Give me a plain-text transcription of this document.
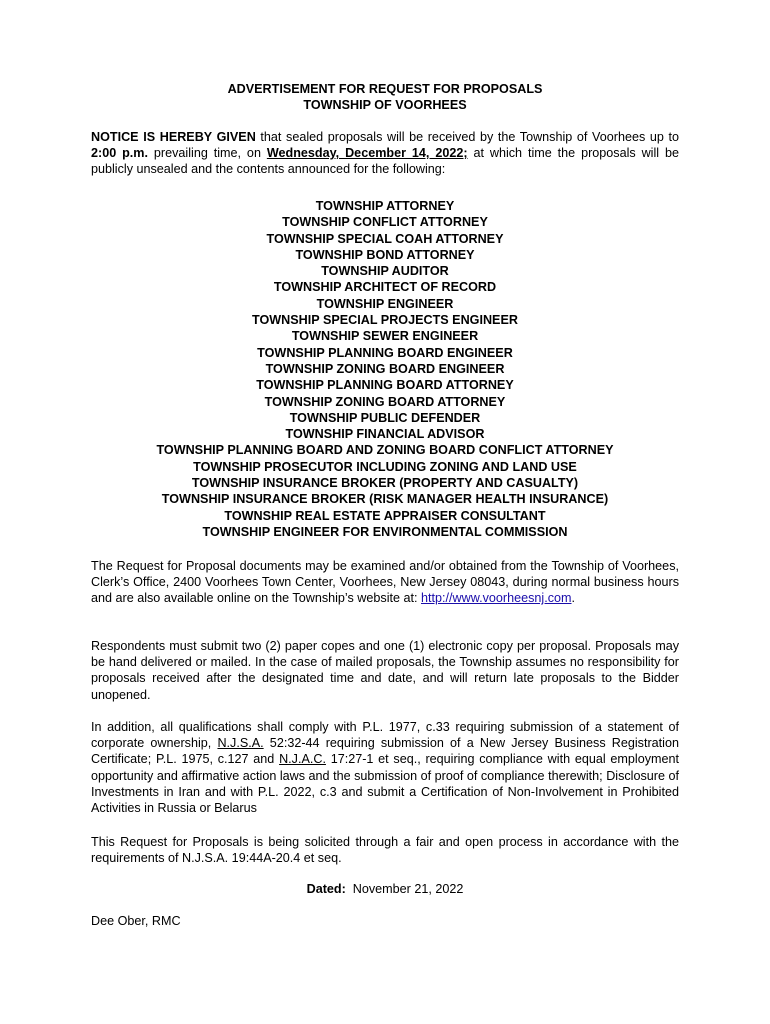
ADVERTISEMENT FOR REQUEST FOR PROPOSALS
TOWNSHIP OF VOORHEES

NOTICE IS HEREBY GIVEN that sealed proposals will be received by the Township of Voorhees up to 2:00 p.m. prevailing time, on Wednesday, December 14, 2022; at which time the proposals will be publicly unsealed and the contents announced for the following:

TOWNSHIP ATTORNEY
TOWNSHIP CONFLICT ATTORNEY
TOWNSHIP SPECIAL COAH ATTORNEY
TOWNSHIP BOND ATTORNEY
TOWNSHIP AUDITOR
TOWNSHIP ARCHITECT OF RECORD
TOWNSHIP ENGINEER
TOWNSHIP SPECIAL PROJECTS ENGINEER
TOWNSHIP SEWER ENGINEER
TOWNSHIP PLANNING BOARD ENGINEER
TOWNSHIP ZONING BOARD ENGINEER
TOWNSHIP PLANNING BOARD ATTORNEY
TOWNSHIP ZONING BOARD ATTORNEY
TOWNSHIP PUBLIC DEFENDER
TOWNSHIP FINANCIAL ADVISOR
TOWNSHIP PLANNING BOARD AND ZONING BOARD CONFLICT ATTORNEY
TOWNSHIP PROSECUTOR INCLUDING ZONING AND LAND USE
TOWNSHIP INSURANCE BROKER (PROPERTY AND CASUALTY)
TOWNSHIP INSURANCE BROKER (RISK MANAGER HEALTH INSURANCE)
TOWNSHIP REAL ESTATE APPRAISER CONSULTANT
TOWNSHIP ENGINEER FOR ENVIRONMENTAL COMMISSION

The Request for Proposal documents may be examined and/or obtained from the Township of Voorhees, Clerk’s Office, 2400 Voorhees Town Center, Voorhees, New Jersey 08043, during normal business hours and are also available online on the Township’s website at: http://www.voorheesnj.com.

Respondents must submit two (2) paper copes and one (1) electronic copy per proposal. Proposals may be hand delivered or mailed. In the case of mailed proposals, the Township assumes no responsibility for proposals received after the designated time and date, and will return late proposals to the Bidder unopened.

In addition, all qualifications shall comply with P.L. 1977, c.33 requiring submission of a statement of corporate ownership, N.J.S.A. 52:32-44 requiring submission of a New Jersey Business Registration Certificate; P.L. 1975, c.127 and N.J.A.C. 17:27-1 et seq., requiring compliance with equal employment opportunity and affirmative action laws and the submission of proof of compliance therewith; Disclosure of Investments in Iran and with P.L. 2022, c.3 and submit a Certification of Non-Involvement in Prohibited Activities in Russia or Belarus

This Request for Proposals is being solicited through a fair and open process in accordance with the requirements of N.J.S.A. 19:44A-20.4 et seq.

Dated: November 21, 2022
Dee Ober, RMC
